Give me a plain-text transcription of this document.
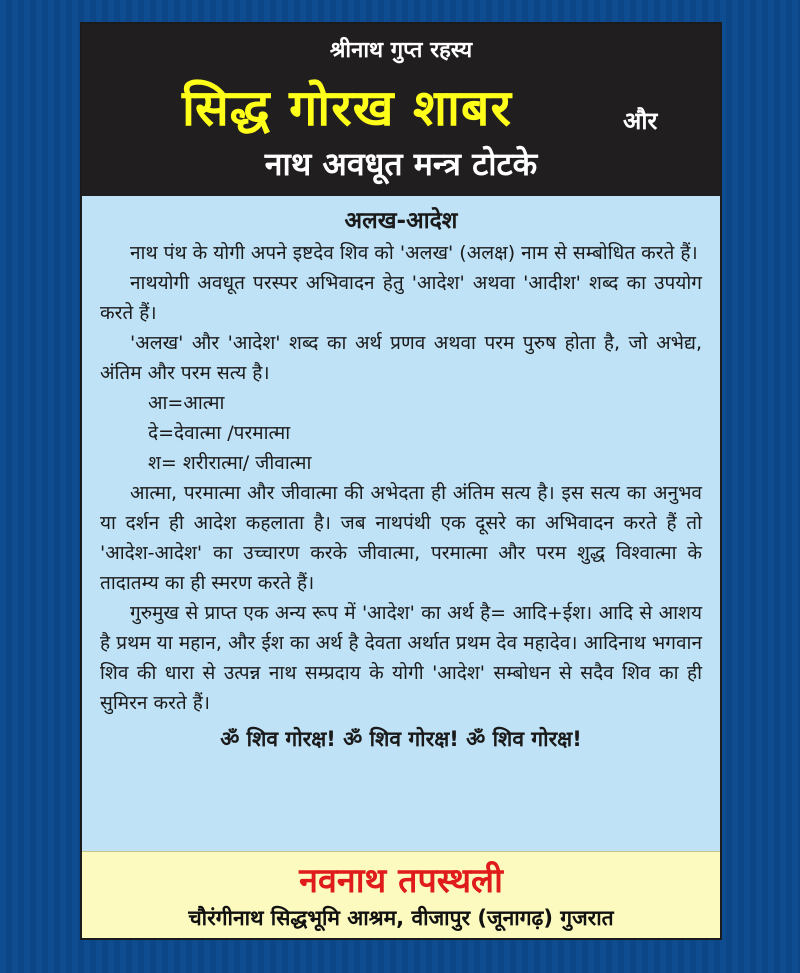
श्रीनाथ गुप्त रहस्य
सिद्ध गोरख शाबर	और
नाथ अवधूत मन्त्र टोटके
अलख-आदेश

नाथ पंथ के योगी अपने इष्टदेव शिव को 'अलख' (अलक्ष) नाम से सम्बोधित करते हैं।

नाथयोगी अवधूत परस्पर अभिवादन हेतु 'आदेश' अथवा 'आदीश' शब्द का उपयोग करते हैं।

'अलख' और 'आदेश' शब्द का अर्थ प्रणव अथवा परम पुरुष होता है, जो अभेद्य, अंतिम और परम सत्य है।

आ=आत्मा

दे=देवात्मा /परमात्मा

श= शरीरात्मा/ जीवात्मा

आत्मा, परमात्मा और जीवात्मा की अभेदता ही अंतिम सत्य है। इस सत्य का अनुभव या दर्शन ही आदेश कहलाता है। जब नाथपंथी एक दूसरे का अभिवादन करते हैं तो 'आदेश-आदेश' का उच्चारण करके जीवात्मा, परमात्मा और परम शुद्ध विश्वात्मा के तादातम्य का ही स्मरण करते हैं।

गुरुमुख से प्राप्त एक अन्य रूप में 'आदेश' का अर्थ है= आदि+ईश। आदि से आशय है प्रथम या महान, और ईश का अर्थ है देवता अर्थात प्रथम देव महादेव। आदिनाथ भगवान शिव की धारा से उत्पन्न नाथ सम्प्रदाय के योगी 'आदेश' सम्बोधन से सदैव शिव का ही सुमिरन करते हैं।

ॐ शिव गोरक्ष! ॐ शिव गोरक्ष! ॐ शिव गोरक्ष!
नवनाथ तपस्थली
चौरंगीनाथ सिद्धभूमि आश्रम, वीजापुर (जूनागढ़) गुजरात
